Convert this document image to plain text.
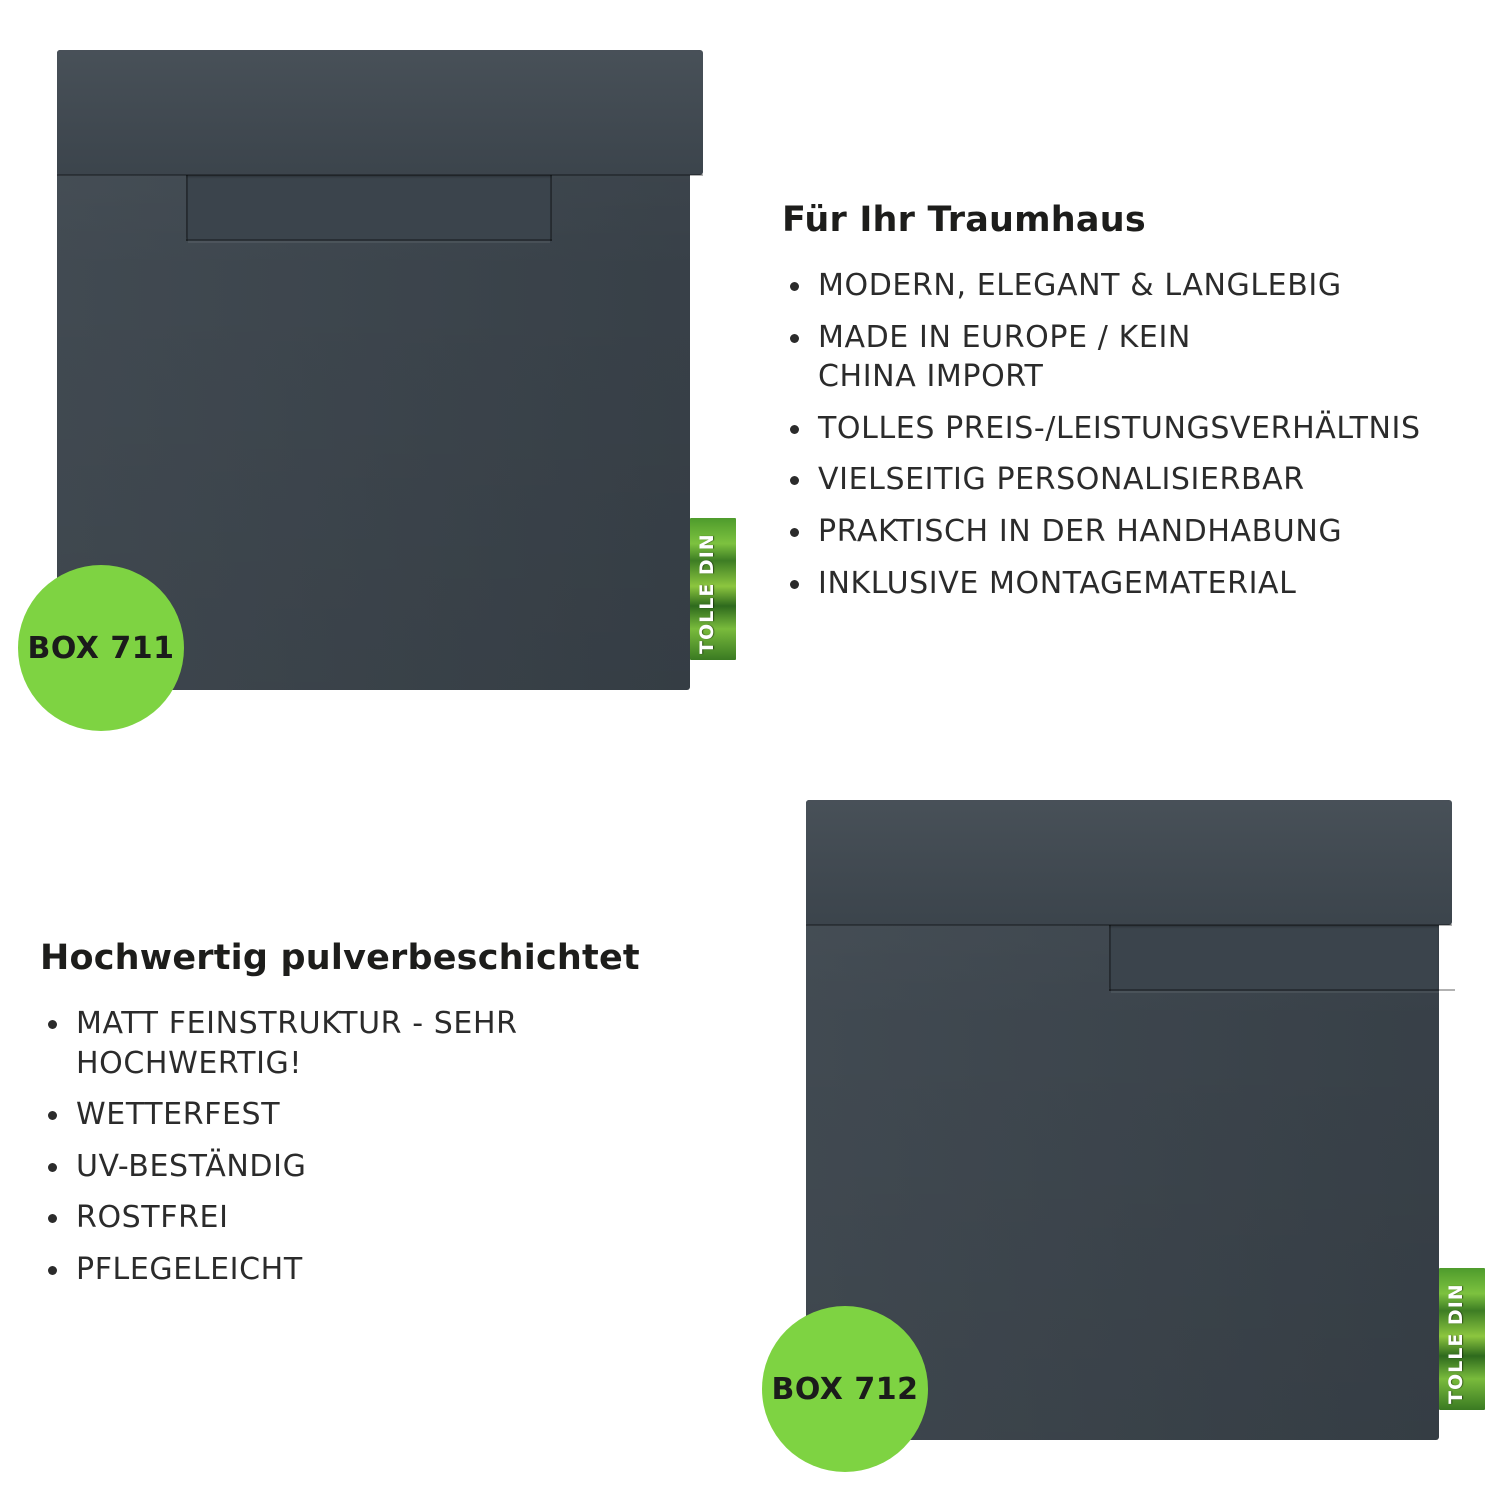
TOLLE DIN
BOX 711
Für Ihr Traumhaus
MODERN, ELEGANT & LANGLEBIG
MADE IN EUROPE / KEIN CHINA IMPORT
TOLLES PREIS-/LEISTUNGSVERHÄLTNIS
VIELSEITIG PERSONALISIERBAR
PRAKTISCH IN DER HANDHABUNG
INKLUSIVE MONTAGEMATERIAL
Hochwertig pulverbeschichtet
MATT FEINSTRUKTUR - SEHR HOCHWERTIG!
WETTERFEST
UV-BESTÄNDIG
ROSTFREI
PFLEGELEICHT
TOLLE DIN
BOX 712
